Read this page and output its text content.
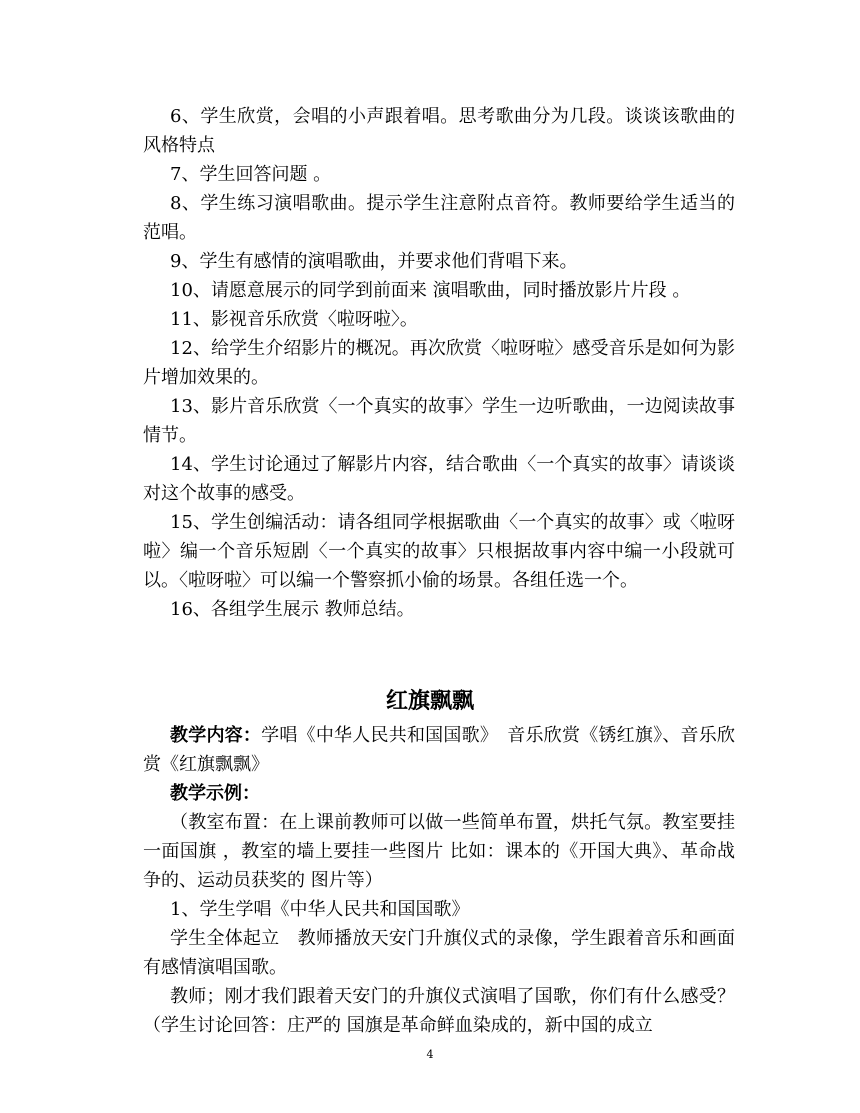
6、学生欣赏，会唱的小声跟着唱。思考歌曲分为几段。谈谈该歌曲的风格特点
7、学生回答问题 。
8、学生练习演唱歌曲。提示学生注意附点音符。教师要给学生适当的范唱。
9、学生有感情的演唱歌曲，并要求他们背唱下来。
10、请愿意展示的同学到前面来 演唱歌曲，同时播放影片片段 。
11、影视音乐欣赏〈啦呀啦〉。
12、给学生介绍影片的概况。再次欣赏〈啦呀啦〉感受音乐是如何为影片增加效果的。
13、影片音乐欣赏〈一个真实的故事〉学生一边听歌曲，一边阅读故事情节。
14、学生讨论通过了解影片内容，结合歌曲〈一个真实的故事〉请谈谈对这个故事的感受。
15、学生创编活动：请各组同学根据歌曲〈一个真实的故事〉或〈啦呀啦〉编一个音乐短剧〈一个真实的故事〉只根据故事内容中编一小段就可以。〈啦呀啦〉可以编一个警察抓小偷的场景。各组任选一个。
16、各组学生展示 教师总结。
红旗飘飘
教学内容：学唱《中华人民共和国国歌》　音乐欣赏《锈红旗》、音乐欣赏《红旗飘飘》
教学示例：
（教室布置：在上课前教师可以做一些简单布置，烘托气氛。教室要挂一面国旗 ，教室的墙上要挂一些图片 比如：课本的《开国大典》、革命战争的、运动员获奖的 图片等）
1、学生学唱《中华人民共和国国歌》
学生全体起立　教师播放天安门升旗仪式的录像，学生跟着音乐和画面有感情演唱国歌。
教师；刚才我们跟着天安门的升旗仪式演唱了国歌，你们有什么感受？（学生讨论回答：庄严的 国旗是革命鲜血染成的，新中国的成立
4
